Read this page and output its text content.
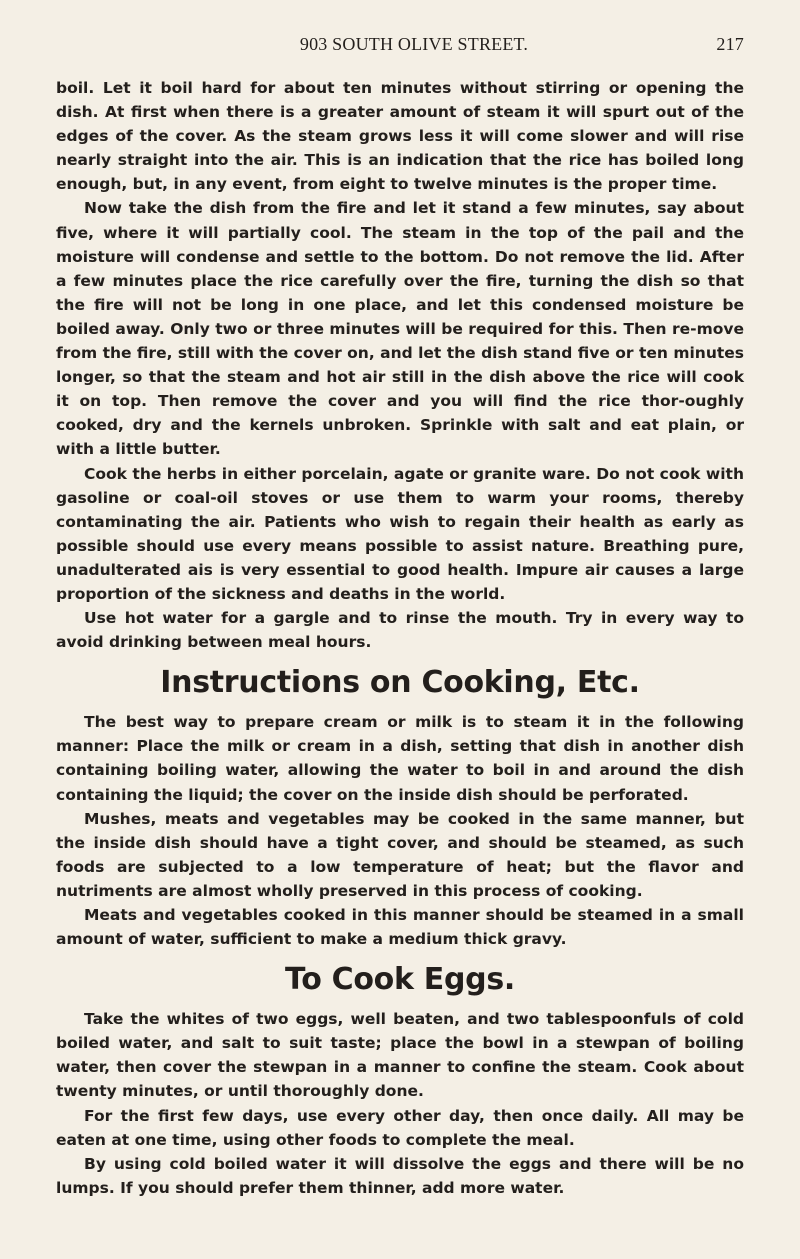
903 SOUTH OLIVE STREET.	217

boil. Let it boil hard for about ten minutes without stirring or opening the dish. At first when there is a greater amount of steam it will spurt out of the edges of the cover. As the steam grows less it will come slower and will rise nearly straight into the air. This is an indication that the rice has boiled long enough, but, in any event, from eight to twelve minutes is the proper time.

Now take the dish from the fire and let it stand a few minutes, say about five, where it will partially cool. The steam in the top of the pail and the moisture will condense and settle to the bottom. Do not remove the lid. After a few minutes place the rice carefully over the fire, turning the dish so that the fire will not be long in one place, and let this condensed moisture be boiled away. Only two or three minutes will be required for this. Then re-move from the fire, still with the cover on, and let the dish stand five or ten minutes longer, so that the steam and hot air still in the dish above the rice will cook it on top. Then remove the cover and you will find the rice thor-oughly cooked, dry and the kernels unbroken. Sprinkle with salt and eat plain, or with a little butter.

Cook the herbs in either porcelain, agate or granite ware. Do not cook with gasoline or coal-oil stoves or use them to warm your rooms, thereby contaminating the air. Patients who wish to regain their health as early as possible should use every means possible to assist nature. Breathing pure, unadulterated ais is very essential to good health. Impure air causes a large proportion of the sickness and deaths in the world.

Use hot water for a gargle and to rinse the mouth. Try in every way to avoid drinking between meal hours.

Instructions on Cooking, Etc.

The best way to prepare cream or milk is to steam it in the following manner: Place the milk or cream in a dish, setting that dish in another dish containing boiling water, allowing the water to boil in and around the dish containing the liquid; the cover on the inside dish should be perforated.

Mushes, meats and vegetables may be cooked in the same manner, but the inside dish should have a tight cover, and should be steamed, as such foods are subjected to a low temperature of heat; but the flavor and nutriments are almost wholly preserved in this process of cooking.

Meats and vegetables cooked in this manner should be steamed in a small amount of water, sufficient to make a medium thick gravy.

To Cook Eggs.

Take the whites of two eggs, well beaten, and two tablespoonfuls of cold boiled water, and salt to suit taste; place the bowl in a stewpan of boiling water, then cover the stewpan in a manner to confine the steam. Cook about twenty minutes, or until thoroughly done.

For the first few days, use every other day, then once daily. All may be eaten at one time, using other foods to complete the meal.

By using cold boiled water it will dissolve the eggs and there will be no lumps. If you should prefer them thinner, add more water.
